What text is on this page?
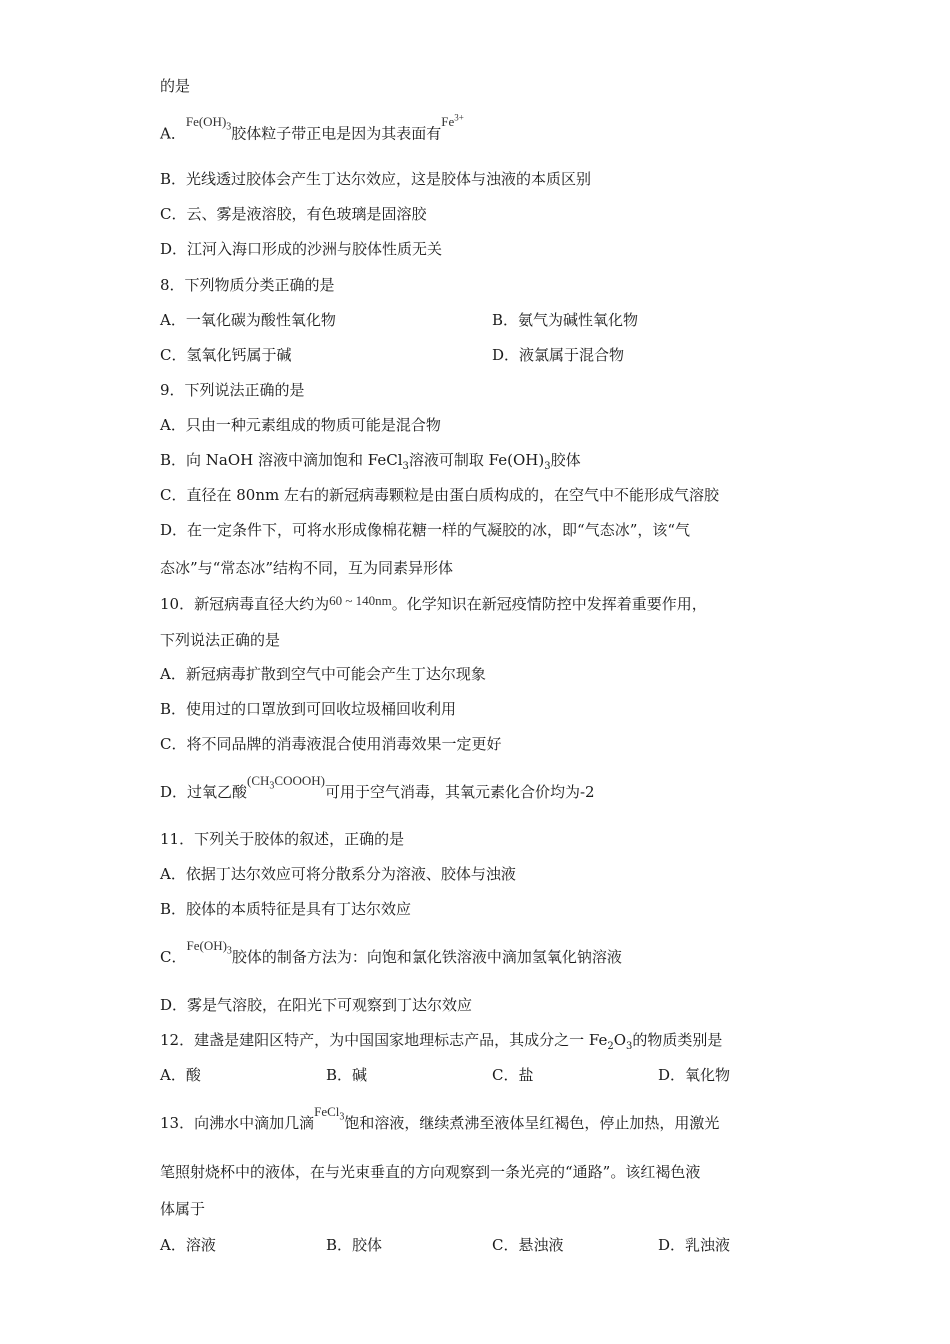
的是
A．$Fe(OH)_3$胶体粒子带正电是因为其表面有$Fe^{3+}$
B．光线透过胶体会产生丁达尔效应，这是胶体与浊液的本质区别
C．云、雾是液溶胶，有色玻璃是固溶胶
D．江河入海口形成的沙洲与胶体性质无关
8．下列物质分类正确的是
A．一氧化碳为酸性氧化物	B．氨气为碱性氧化物
C．氢氧化钙属于碱	D．液氯属于混合物
9．下列说法正确的是
A．只由一种元素组成的物质可能是混合物
B．向 NaOH 溶液中滴加饱和 FeCl$_3$溶液可制取 $Fe(OH)_3$胶体
C．直径在 80nm 左右的新冠病毒颗粒是由蛋白质构成的，在空气中不能形成气溶胶
D．在一定条件下，可将水形成像棉花糖一样的气凝胶的冰，即“气态冰”，该“气
态冰”与“常态冰”结构不同，互为同素异形体
10．新冠病毒直径大约为60 ~ 140nm。化学知识在新冠疫情防控中发挥着重要作用，
下列说法正确的是
A．新冠病毒扩散到空气中可能会产生丁达尔现象
B．使用过的口罩放到可回收垃圾桶回收利用
C．将不同品牌的消毒液混合使用消毒效果一定更好
D．过氧乙酸$(CH_3COOOH)$可用于空气消毒，其氧元素化合价均为-2
11．下列关于胶体的叙述，正确的是
A．依据丁达尔效应可将分散系分为溶液、胶体与浊液
B．胶体的本质特征是具有丁达尔效应
C．$Fe(OH)_3$胶体的制备方法为：向饱和氯化铁溶液中滴加氢氧化钠溶液
D．雾是气溶胶，在阳光下可观察到丁达尔效应
12．建盏是建阳区特产，为中国国家地理标志产品，其成分之一 $Fe_2O_3$的物质类别是
A．酸	B．碱	C．盐	D．氧化物
13．向沸水中滴加几滴FeCl$_3$饱和溶液，继续煮沸至液体呈红褐色，停止加热，用激光
笔照射烧杯中的液体，在与光束垂直的方向观察到一条光亮的“通路”。该红褐色液
体属于
A．溶液	B．胶体	C．悬浊液	D．乳浊液
